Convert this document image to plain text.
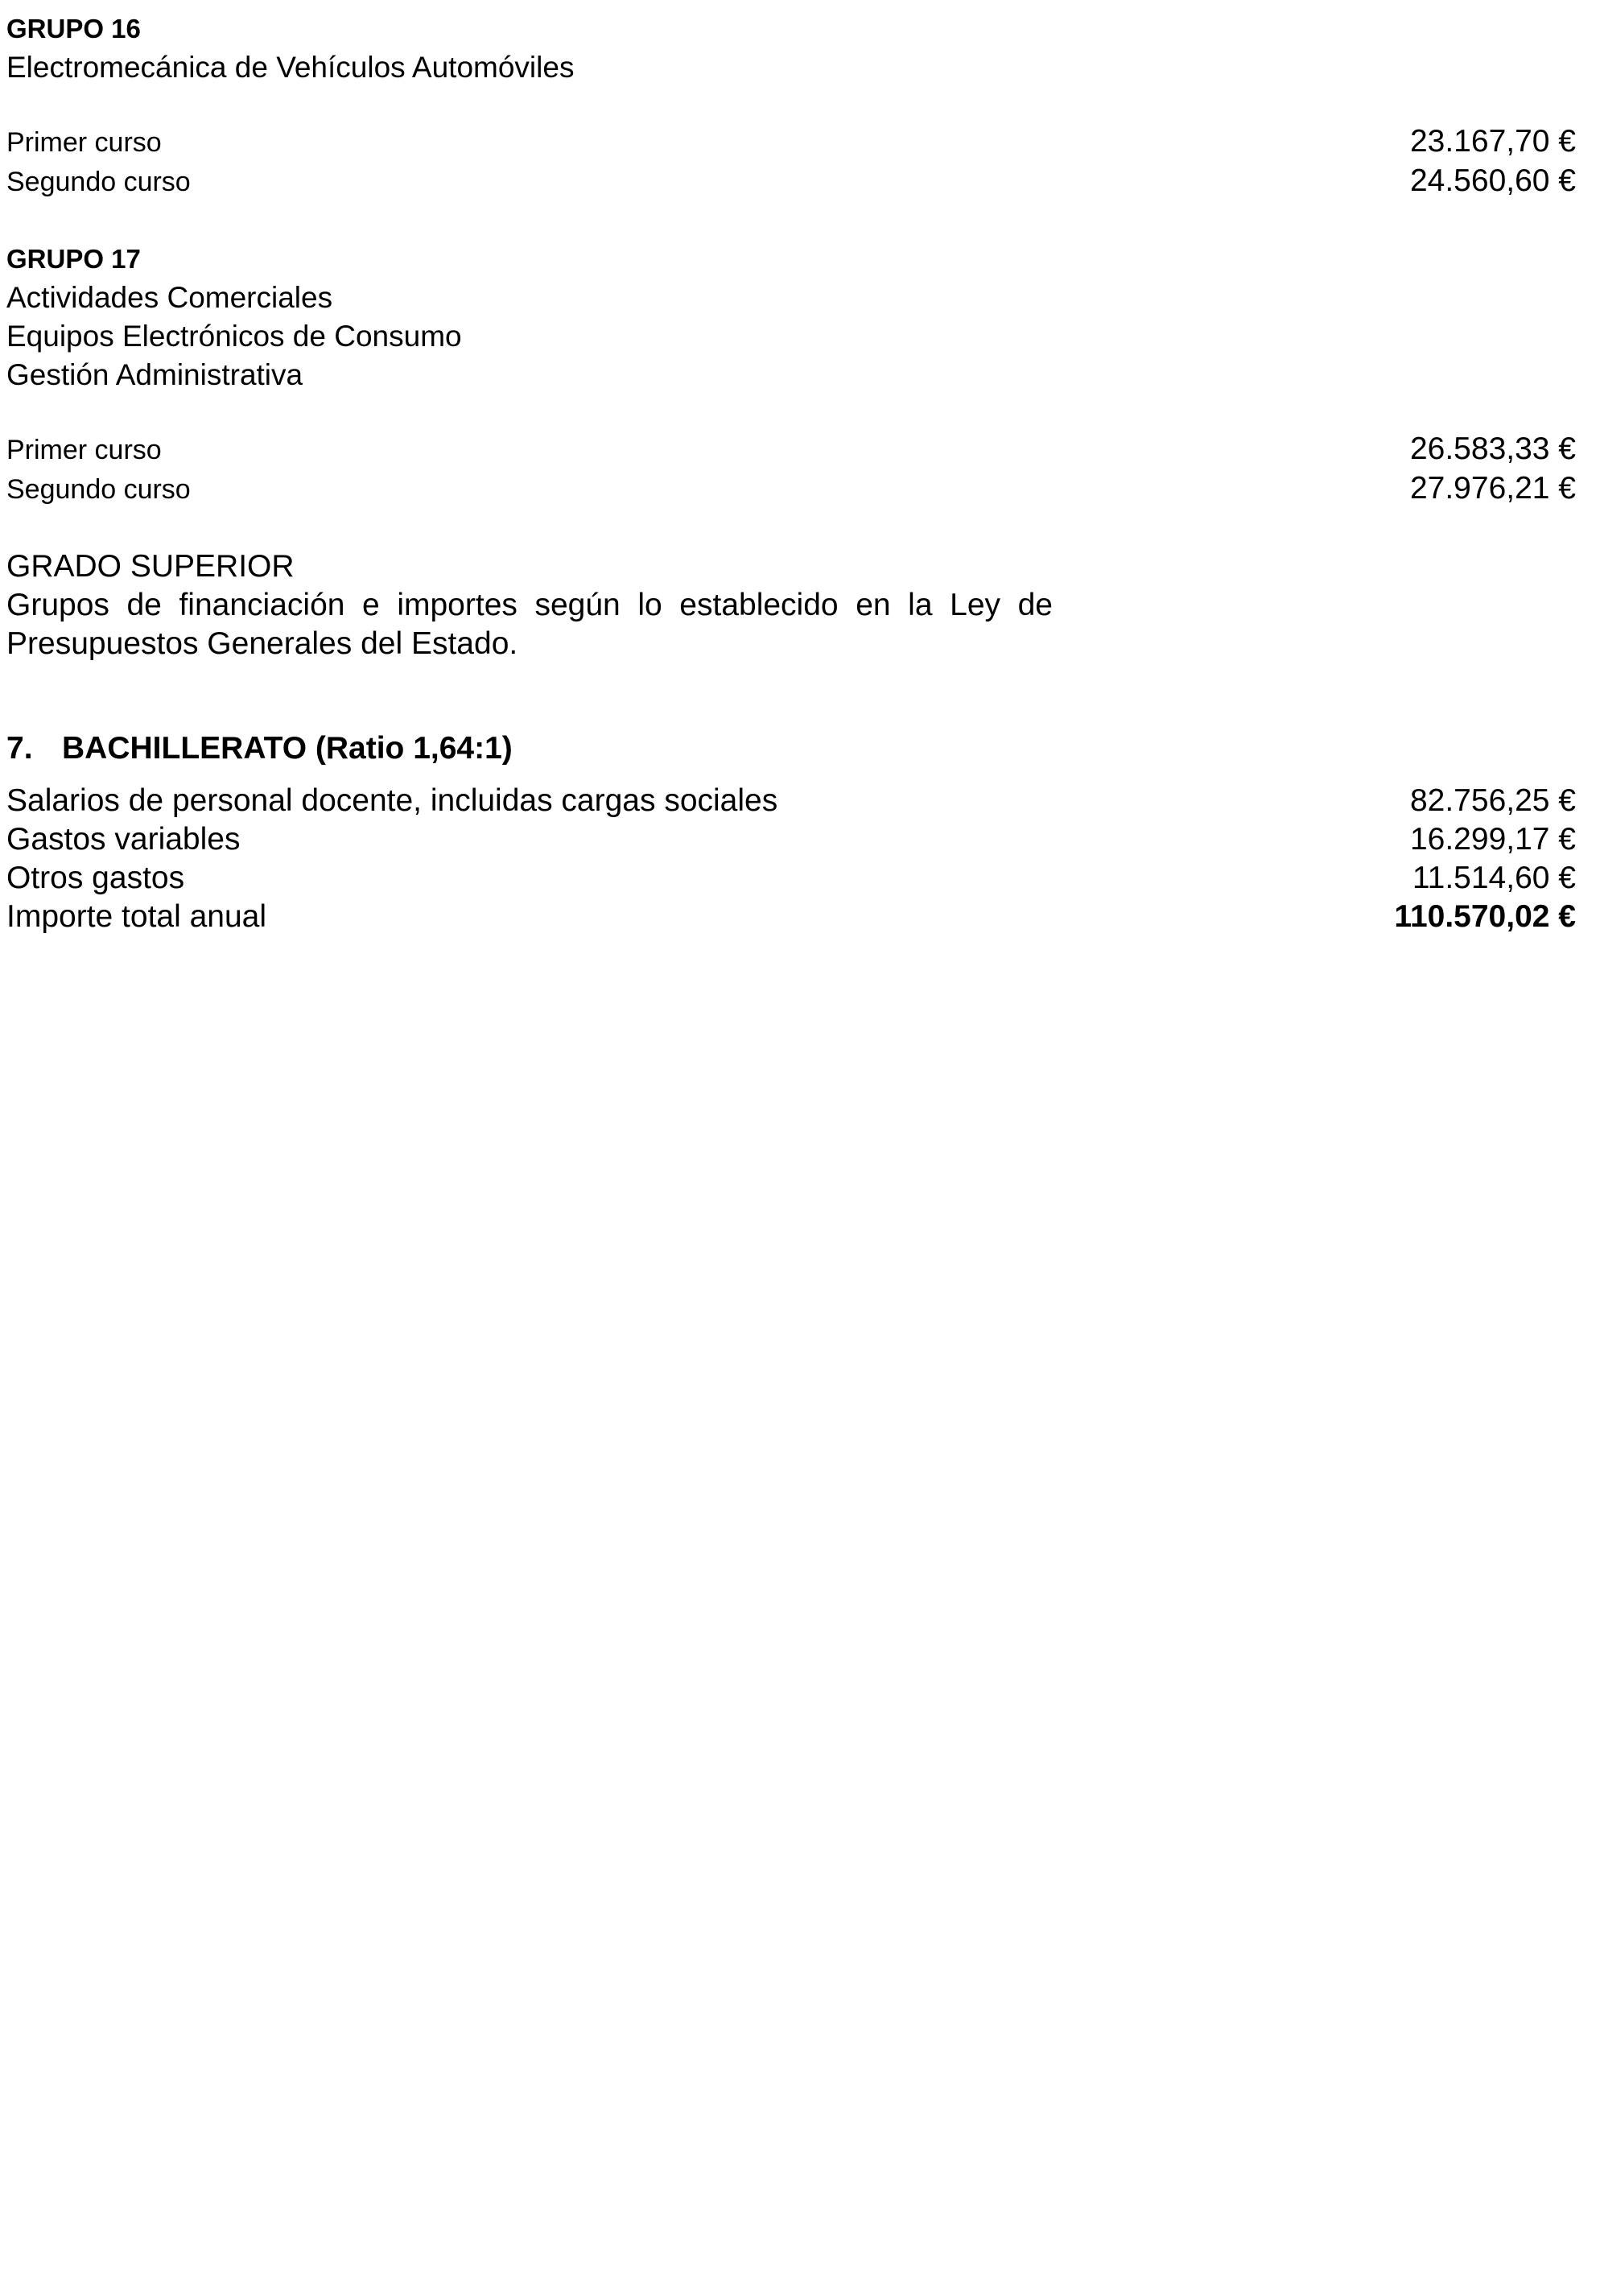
GRUPO 16
Electromecánica de Vehículos Automóviles
Primer curso	23.167,70 €
Segundo curso	24.560,60 €
GRUPO 17
Actividades Comerciales
Equipos Electrónicos de Consumo
Gestión Administrativa
Primer curso	26.583,33 €
Segundo curso	27.976,21 €
GRADO SUPERIOR
Grupos de financiación e importes según lo establecido en la Ley de Presupuestos Generales del Estado.
7. BACHILLERATO (Ratio 1,64:1)
Salarios de personal docente, incluidas cargas sociales	82.756,25 €
Gastos variables	16.299,17 €
Otros gastos	11.514,60 €
Importe total anual	110.570,02 €
